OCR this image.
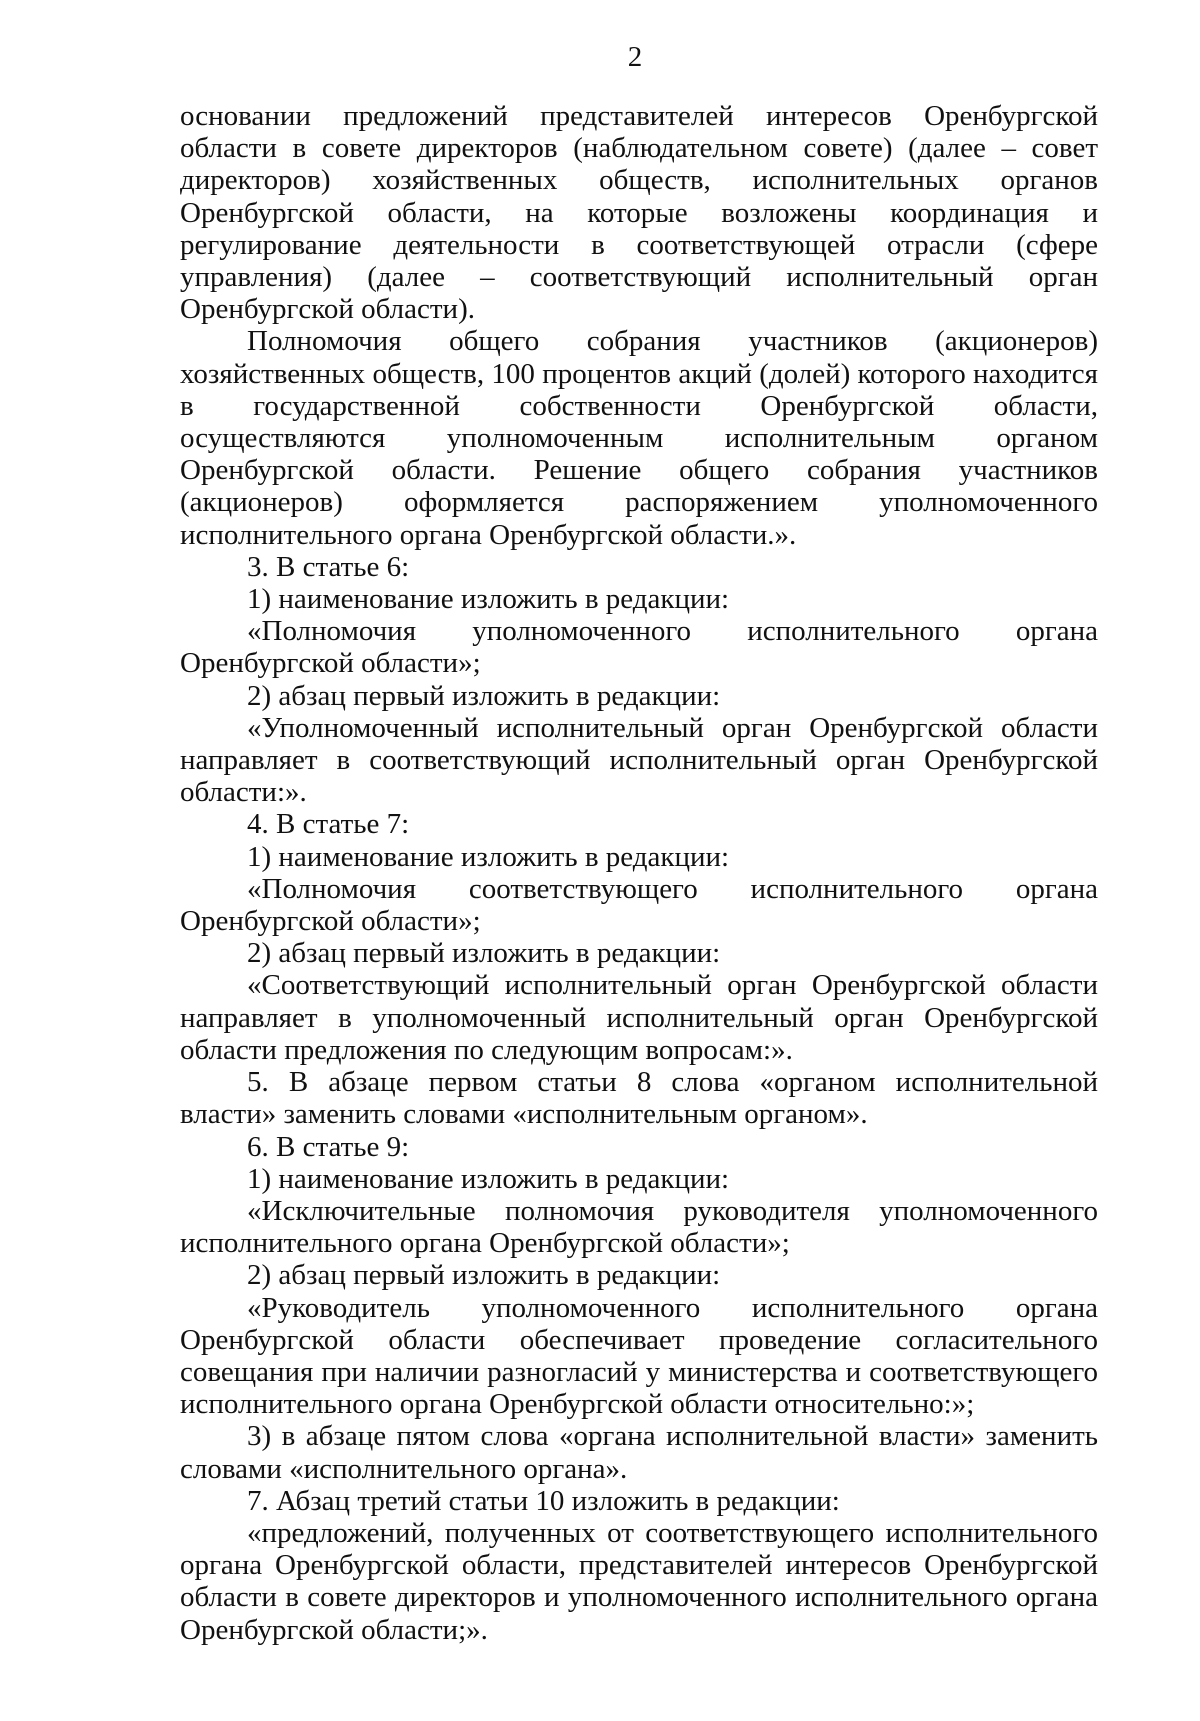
2

основании предложений представителей интересов Оренбургской области в совете директоров (наблюдательном совете) (далее – совет директоров) хозяйственных обществ, исполнительных органов Оренбургской области, на которые возложены координация и регулирование деятельности в соответствующей отрасли (сфере управления) (далее – соответствующий исполнительный орган Оренбургской области).

Полномочия общего собрания участников (акционеров) хозяйственных обществ, 100 процентов акций (долей) которого находится в государственной собственности Оренбургской области, осуществляются уполномоченным исполнительным органом Оренбургской области. Решение общего собрания участников (акционеров) оформляется распоряжением уполномоченного исполнительного органа Оренбургской области.».

3. В статье 6:

1) наименование изложить в редакции:

«Полномочия уполномоченного исполнительного органа Оренбургской области»;

2) абзац первый изложить в редакции:

«Уполномоченный исполнительный орган Оренбургской области направляет в соответствующий исполнительный орган Оренбургской области:».

4. В статье 7:

1) наименование изложить в редакции:

«Полномочия соответствующего исполнительного органа Оренбургской области»;

2) абзац первый изложить в редакции:

«Соответствующий исполнительный орган Оренбургской области направляет в уполномоченный исполнительный орган Оренбургской области предложения по следующим вопросам:».

5. В абзаце первом статьи 8 слова «органом исполнительной власти» заменить словами «исполнительным органом».

6. В статье 9:

1) наименование изложить в редакции:

«Исключительные полномочия руководителя уполномоченного исполнительного органа Оренбургской области»;

2) абзац первый изложить в редакции:

«Руководитель уполномоченного исполнительного органа Оренбургской области обеспечивает проведение согласительного совещания при наличии разногласий у министерства и соответствующего исполнительного органа Оренбургской области относительно:»;

3) в абзаце пятом слова «органа исполнительной власти» заменить словами «исполнительного органа».

7. Абзац третий статьи 10 изложить в редакции:

«предложений, полученных от соответствующего исполнительного органа Оренбургской области, представителей интересов Оренбургской области в совете директоров и уполномоченного исполнительного органа Оренбургской области;».
